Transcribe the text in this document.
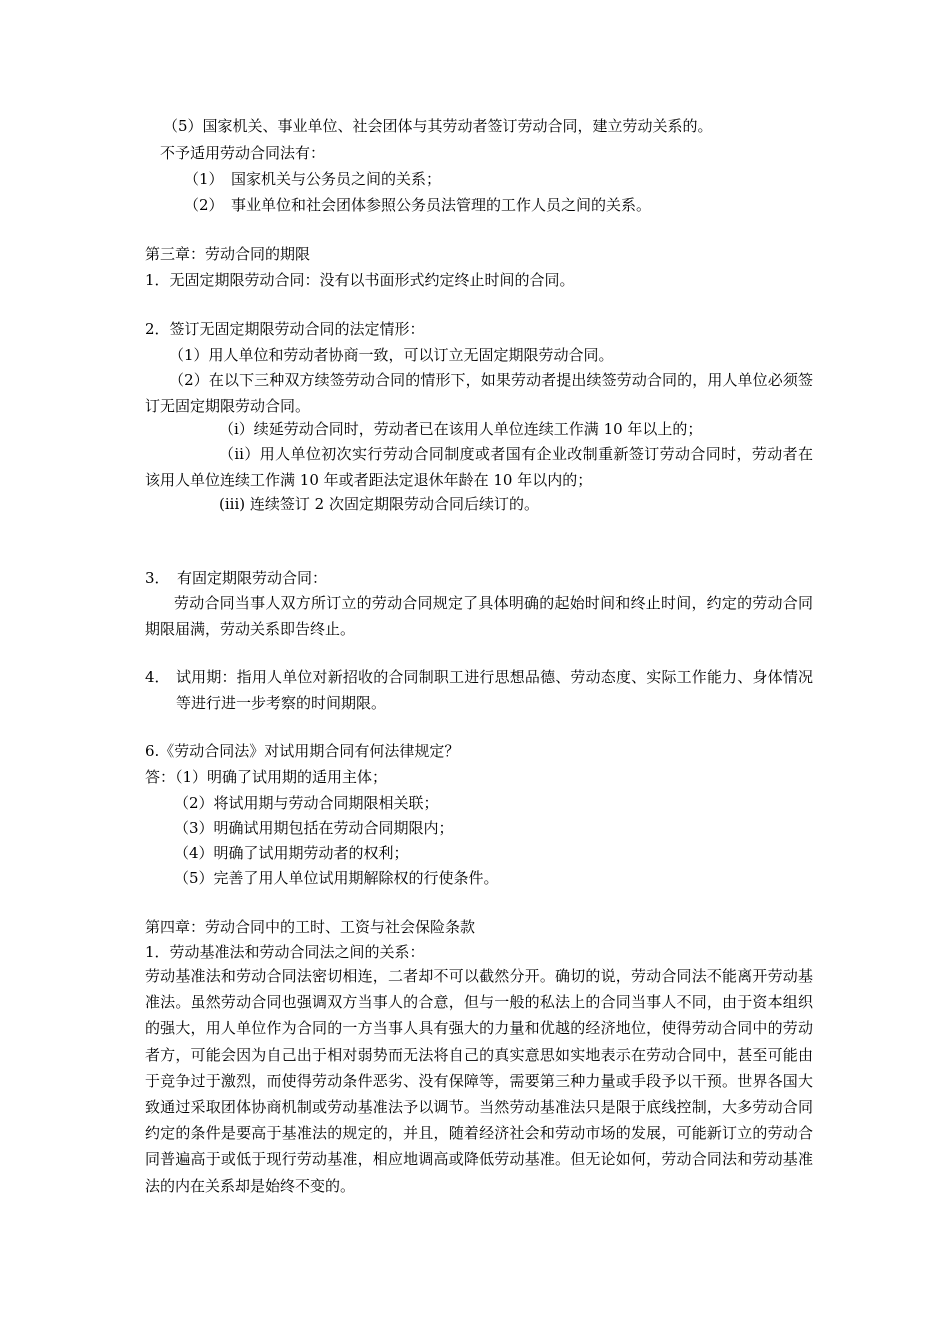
（5）国家机关、事业单位、社会团体与其劳动者签订劳动合同，建立劳动关系的。
不予适用劳动合同法有：
（1）　国家机关与公务员之间的关系；
（2）　事业单位和社会团体参照公务员法管理的工作人员之间的关系。
第三章：劳动合同的期限
1．无固定期限劳动合同：没有以书面形式约定终止时间的合同。
2．签订无固定期限劳动合同的法定情形：
（1）用人单位和劳动者协商一致，可以订立无固定期限劳动合同。
（2）在以下三种双方续签劳动合同的情形下，如果劳动者提出续签劳动合同的，用人单位必须签订无固定期限劳动合同。
（i）续延劳动合同时，劳动者已在该用人单位连续工作满 10 年以上的；
（ii）用人单位初次实行劳动合同制度或者国有企业改制重新签订劳动合同时，劳动者在该用人单位连续工作满 10 年或者距法定退休年龄在 10 年以内的；
(iii) 连续签订 2 次固定期限劳动合同后续订的。
3．　有固定期限劳动合同：
劳动合同当事人双方所订立的劳动合同规定了具体明确的起始时间和终止时间，约定的劳动合同期限届满，劳动关系即告终止。
4． 试用期：指用人单位对新招收的合同制职工进行思想品德、劳动态度、实际工作能力、身体情况等进行进一步考察的时间期限。
6.《劳动合同法》对试用期合同有何法律规定？
答：（1）明确了试用期的适用主体；
（2）将试用期与劳动合同期限相关联；
（3）明确试用期包括在劳动合同期限内；
（4）明确了试用期劳动者的权利；
（5）完善了用人单位试用期解除权的行使条件。
第四章：劳动合同中的工时、工资与社会保险条款
1．劳动基准法和劳动合同法之间的关系：
劳动基准法和劳动合同法密切相连，二者却不可以截然分开。确切的说，劳动合同法不能离开劳动基准法。虽然劳动合同也强调双方当事人的合意，但与一般的私法上的合同当事人不同，由于资本组织的强大，用人单位作为合同的一方当事人具有强大的力量和优越的经济地位，使得劳动合同中的劳动者方，可能会因为自己出于相对弱势而无法将自己的真实意思如实地表示在劳动合同中，甚至可能由于竞争过于激烈，而使得劳动条件恶劣、没有保障等，需要第三种力量或手段予以干预。世界各国大致通过采取团体协商机制或劳动基准法予以调节。当然劳动基准法只是限于底线控制，大多劳动合同约定的条件是要高于基准法的规定的，并且，随着经济社会和劳动市场的发展，可能新订立的劳动合同普遍高于或低于现行劳动基准，相应地调高或降低劳动基准。但无论如何，劳动合同法和劳动基准法的内在关系却是始终不变的。
